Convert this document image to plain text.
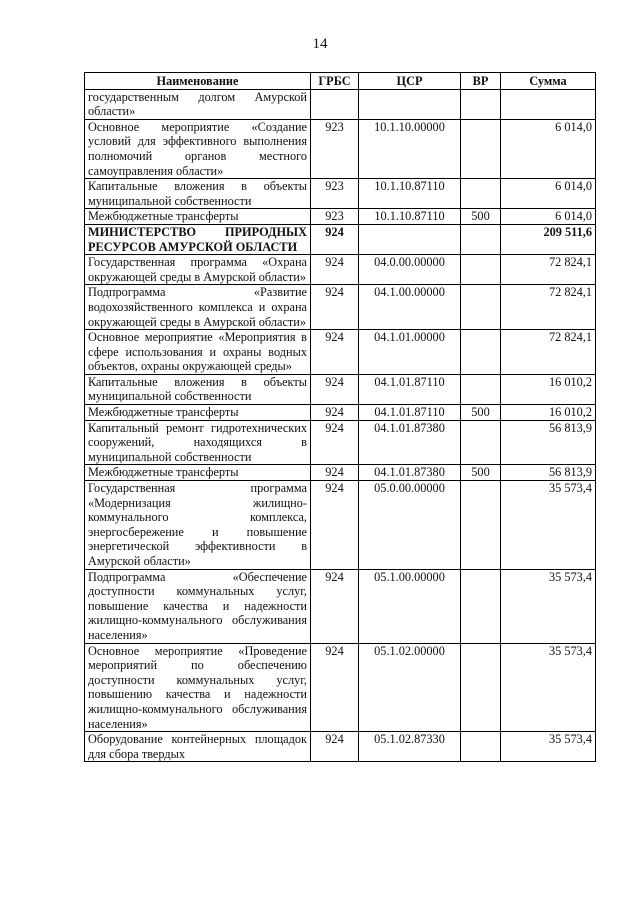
14
Наименование	ГРБС	ЦСР	ВР	Сумма
государственным долгом Амурской области»				
Основное мероприятие «Создание условий для эффективного выполнения полномочий органов местного самоуправления области»	923	10.1.10.00000		6 014,0
Капитальные вложения в объекты муниципальной собственности	923	10.1.10.87110		6 014,0
Межбюджетные трансферты	923	10.1.10.87110	500	6 014,0
МИНИСТЕРСТВО ПРИРОДНЫХ РЕСУРСОВ АМУРСКОЙ ОБЛАСТИ	924			209 511,6
Государственная программа «Охрана окружающей среды в Амурской области»	924	04.0.00.00000		72 824,1
Подпрограмма «Развитие водохозяйственного комплекса и охрана окружающей среды в Амурской области»	924	04.1.00.00000		72 824,1
Основное мероприятие «Мероприятия в сфере использования и охраны водных объектов, охраны окружающей среды»	924	04.1.01.00000		72 824,1
Капитальные вложения в объекты муниципальной собственности	924	04.1.01.87110		16 010,2
Межбюджетные трансферты	924	04.1.01.87110	500	16 010,2
Капитальный ремонт гидротехнических сооружений, находящихся в муниципальной собственности	924	04.1.01.87380		56 813,9
Межбюджетные трансферты	924	04.1.01.87380	500	56 813,9
Государственная программа «Модернизация жилищно-коммунального комплекса, энергосбережение и повышение энергетической эффективности в Амурской области»	924	05.0.00.00000		35 573,4
Подпрограмма «Обеспечение доступности коммунальных услуг, повышение качества и надежности жилищно-коммунального обслуживания населения»	924	05.1.00.00000		35 573,4
Основное мероприятие «Проведение мероприятий по обеспечению доступности коммунальных услуг, повышению качества и надежности жилищно-коммунального обслуживания населения»	924	05.1.02.00000		35 573,4
Оборудование контейнерных площадок для сбора твердых	924	05.1.02.87330		35 573,4
